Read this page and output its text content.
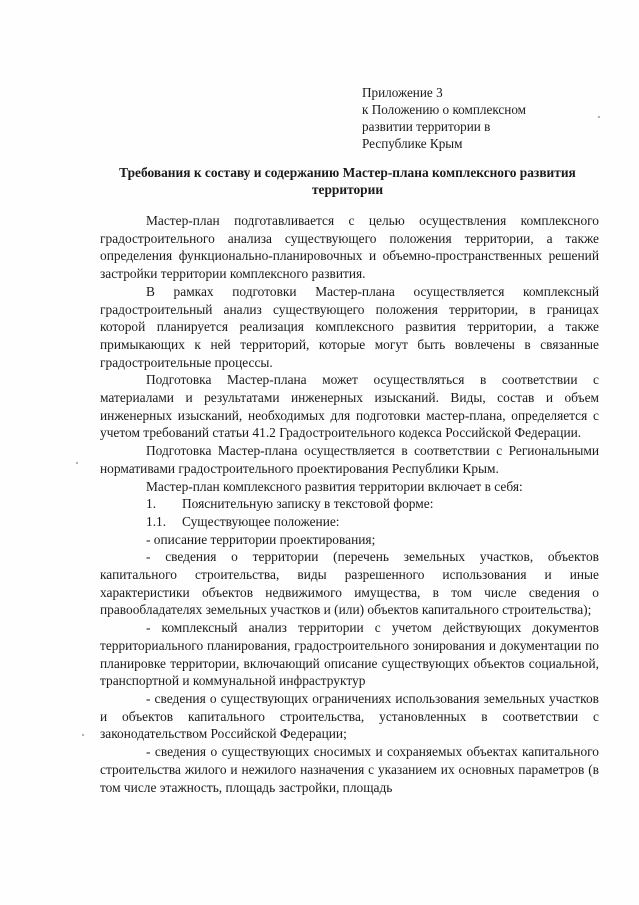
Приложение 3
к Положению о комплексном
развитии территории в
Республике Крым
Требования к составу и содержанию Мастер-плана комплексного развития
территории

Мастер-план подготавливается с целью осуществления комплексного градостроительного анализа существующего положения территории, а также определения функционально-планировочных и объемно-пространственных решений застройки территории комплексного развития.

В рамках подготовки Мастер-плана осуществляется комплексный градостроительный анализ существующего положения территории, в границах которой планируется реализация комплексного развития территории, а также примыкающих к ней территорий, которые могут быть вовлечены в связанные градостроительные процессы.

Подготовка Мастер-плана может осуществляться в соответствии с материалами и результатами инженерных изысканий. Виды, состав и объем инженерных изысканий, необходимых для подготовки мастер-плана, определяется с учетом требований статьи 41.2 Градостроительного кодекса Российской Федерации.

Подготовка Мастер-плана осуществляется в соответствии с Региональными нормативами градостроительного проектирования Республики Крым.

Мастер-план комплексного развития территории включает в себя:

1. Пояснительную записку в текстовой форме:

1.1. Существующее положение:

- описание территории проектирования;

- сведения о территории (перечень земельных участков, объектов капитального строительства, виды разрешенного использования и иные характеристики объектов недвижимого имущества, в том числе сведения о правообладателях земельных участков и (или) объектов капитального строительства);

- комплексный анализ территории с учетом действующих документов территориального планирования, градостроительного зонирования и документации по планировке территории, включающий описание существующих объектов социальной, транспортной и коммунальной инфраструктур

- сведения о существующих ограничениях использования земельных участков и объектов капитального строительства, установленных в соответствии с законодательством Российской Федерации;

- сведения о существующих сносимых и сохраняемых объектах капитального строительства жилого и нежилого назначения с указанием их основных параметров (в том числе этажность, площадь застройки, площадь
